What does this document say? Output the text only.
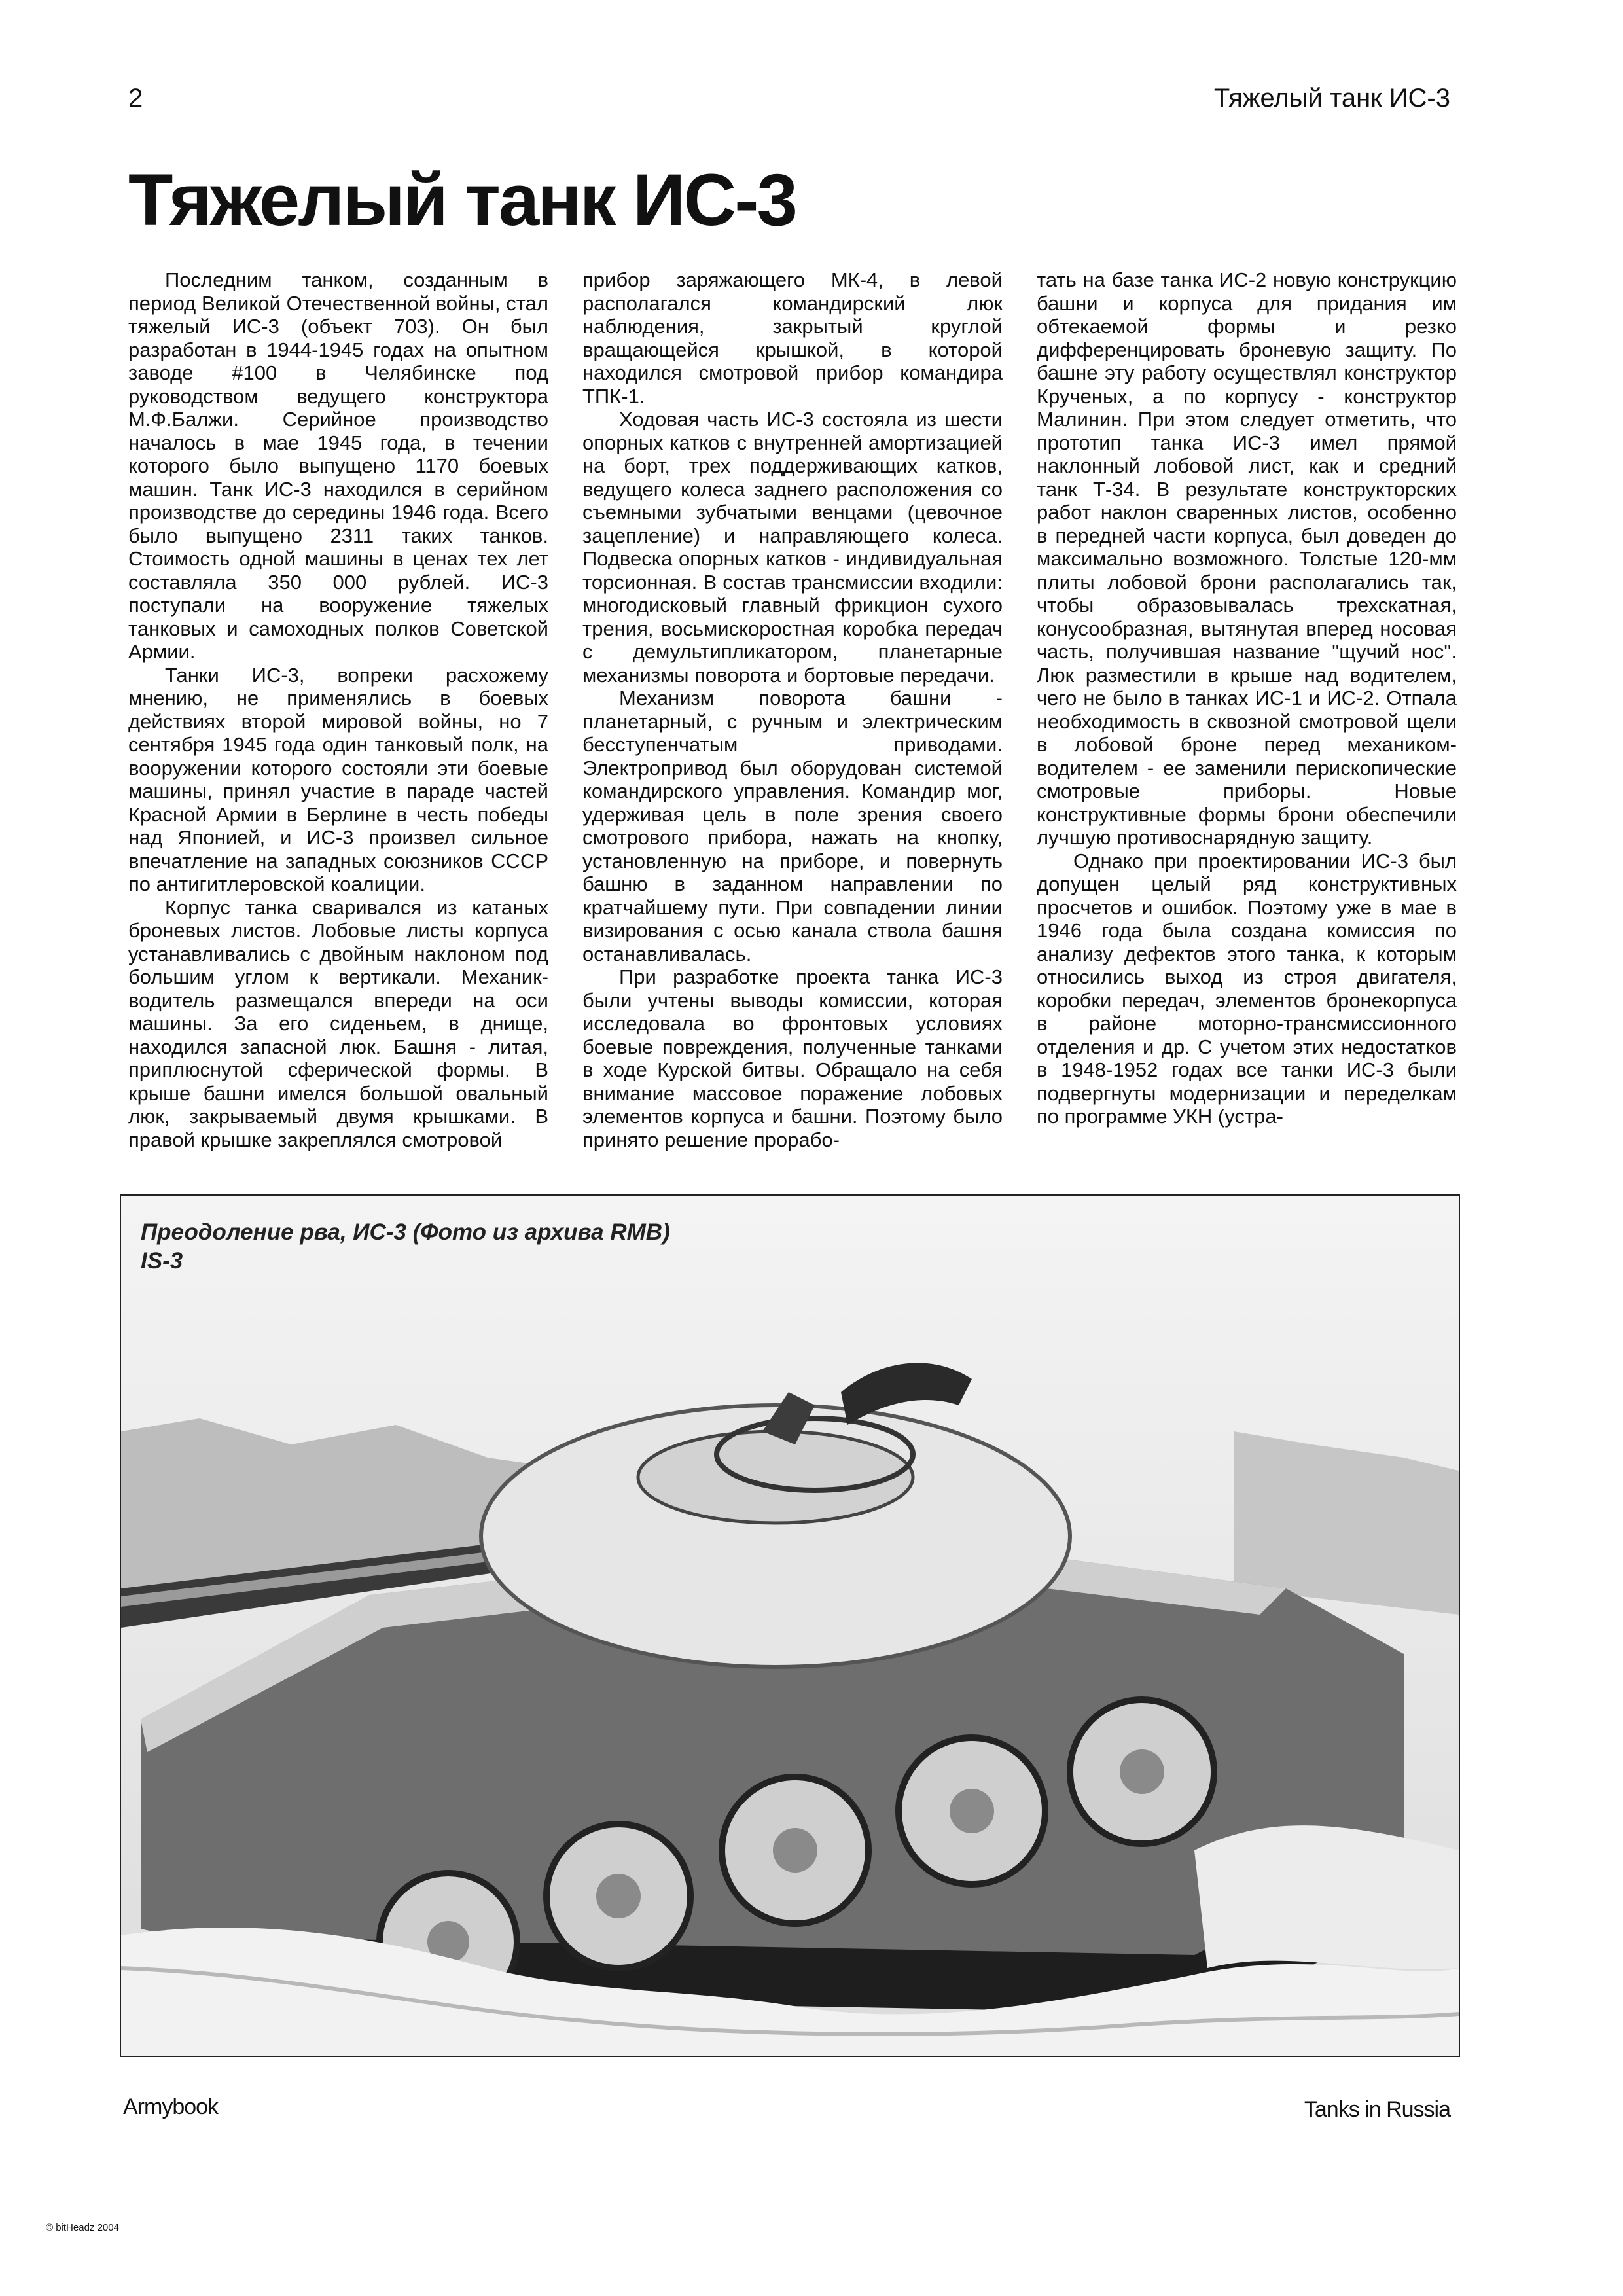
2	Тяжелый танк ИС-3
Тяжелый танк ИС-3

Последним танком, созданным в период Великой Отечественной войны, стал тяжелый ИС-3 (объект 703). Он был разработан в 1944-1945 годах на опытном заводе #100 в Челябинске под руководством ведущего конструктора М.Ф.Балжи. Серийное производство началось в мае 1945 года, в течении которого было выпущено 1170 боевых машин. Танк ИС-3 находился в серийном производстве до середины 1946 года. Всего было выпущено 2311 таких танков. Стоимость одной машины в ценах тех лет составляла 350 000 рублей. ИС-3 поступали на вооружение тяжелых танковых и самоходных полков Советской Армии.

Танки ИС-3, вопреки расхожему мнению, не применялись в боевых действиях второй мировой войны, но 7 сентября 1945 года один танковый полк, на вооружении которого состояли эти боевые машины, принял участие в параде частей Красной Армии в Берлине в честь победы над Японией, и ИС-3 произвел сильное впечатление на западных союзников СССР по антигитлеровской коалиции.

Корпус танка сваривался из катаных броневых листов. Лобовые листы корпуса устанавливались с двойным наклоном под большим углом к вертикали. Механик-водитель размещался впереди на оси машины. За его сиденьем, в днище, находился запасной люк. Башня - литая, приплюснутой сферической формы. В крыше башни имелся большой овальный люк, закрываемый двумя крышками. В правой крышке закреплялся смотровой

прибор заряжающего МК-4, в левой располагался командирский люк наблюдения, закрытый круглой вращающейся крышкой, в которой находился смотровой прибор командира ТПК-1.

Ходовая часть ИС-3 состояла из шести опорных катков с внутренней амортизацией на борт, трех поддерживающих катков, ведущего колеса заднего расположения со съемными зубчатыми венцами (цевочное зацепление) и направляющего колеса. Подвеска опорных катков - индивидуальная торсионная. В состав трансмиссии входили: многодисковый главный фрикцион сухого трения, восьмискоростная коробка передач с демультипликатором, планетарные механизмы поворота и бортовые передачи.

Механизм поворота башни - планетарный, с ручным и электрическим бесступенчатым приводами. Электропривод был оборудован системой командирского управления. Командир мог, удерживая цель в поле зрения своего смотрового прибора, нажать на кнопку, установленную на приборе, и повернуть башню в заданном направлении по кратчайшему пути. При совпадении линии визирования с осью канала ствола башня останавливалась.

При разработке проекта танка ИС-3 были учтены выводы комиссии, которая исследовала во фронтовых условиях боевые повреждения, полученные танками в ходе Курской битвы. Обращало на себя внимание массовое поражение лобовых элементов корпуса и башни. Поэтому было принято решение прорабо-

тать на базе танка ИС-2 новую конструкцию башни и корпуса для придания им обтекаемой формы и резко дифференцировать броневую защиту. По башне эту работу осуществлял конструктор Крученых, а по корпусу - конструктор Малинин. При этом следует отметить, что прототип танка ИС-3 имел прямой наклонный лобовой лист, как и средний танк Т-34. В результате конструкторских работ наклон сваренных листов, особенно в передней части корпуса, был доведен до максимально возможного. Толстые 120-мм плиты лобовой брони располагались так, чтобы образовывалась трехскатная, конусообразная, вытянутая вперед носовая часть, получившая название "щучий нос". Люк разместили в крыше над водителем, чего не было в танках ИС-1 и ИС-2. Отпала необходимость в сквозной смотровой щели в лобовой броне перед механиком-водителем - ее заменили перископические смотровые приборы. Новые конструктивные формы брони обеспечили лучшую противоснарядную защиту.

Однако при проектировании ИС-3 был допущен целый ряд конструктивных просчетов и ошибок. Поэтому уже в мае в 1946 года была создана комиссия по анализу дефектов этого танка, к которым относились выход из строя двигателя, коробки передач, элементов бронекорпуса в районе моторно-трансмиссионного отделения и др. С учетом этих недостатков в 1948-1952 годах все танки ИС-3 были подвергнуты модернизации и переделкам по программе УКН (устра-

Преодоление рва, ИС-3 (Фото из архива RMB)
IS-3
Armybook	Tanks in Russia
© bitHeadz 2004
